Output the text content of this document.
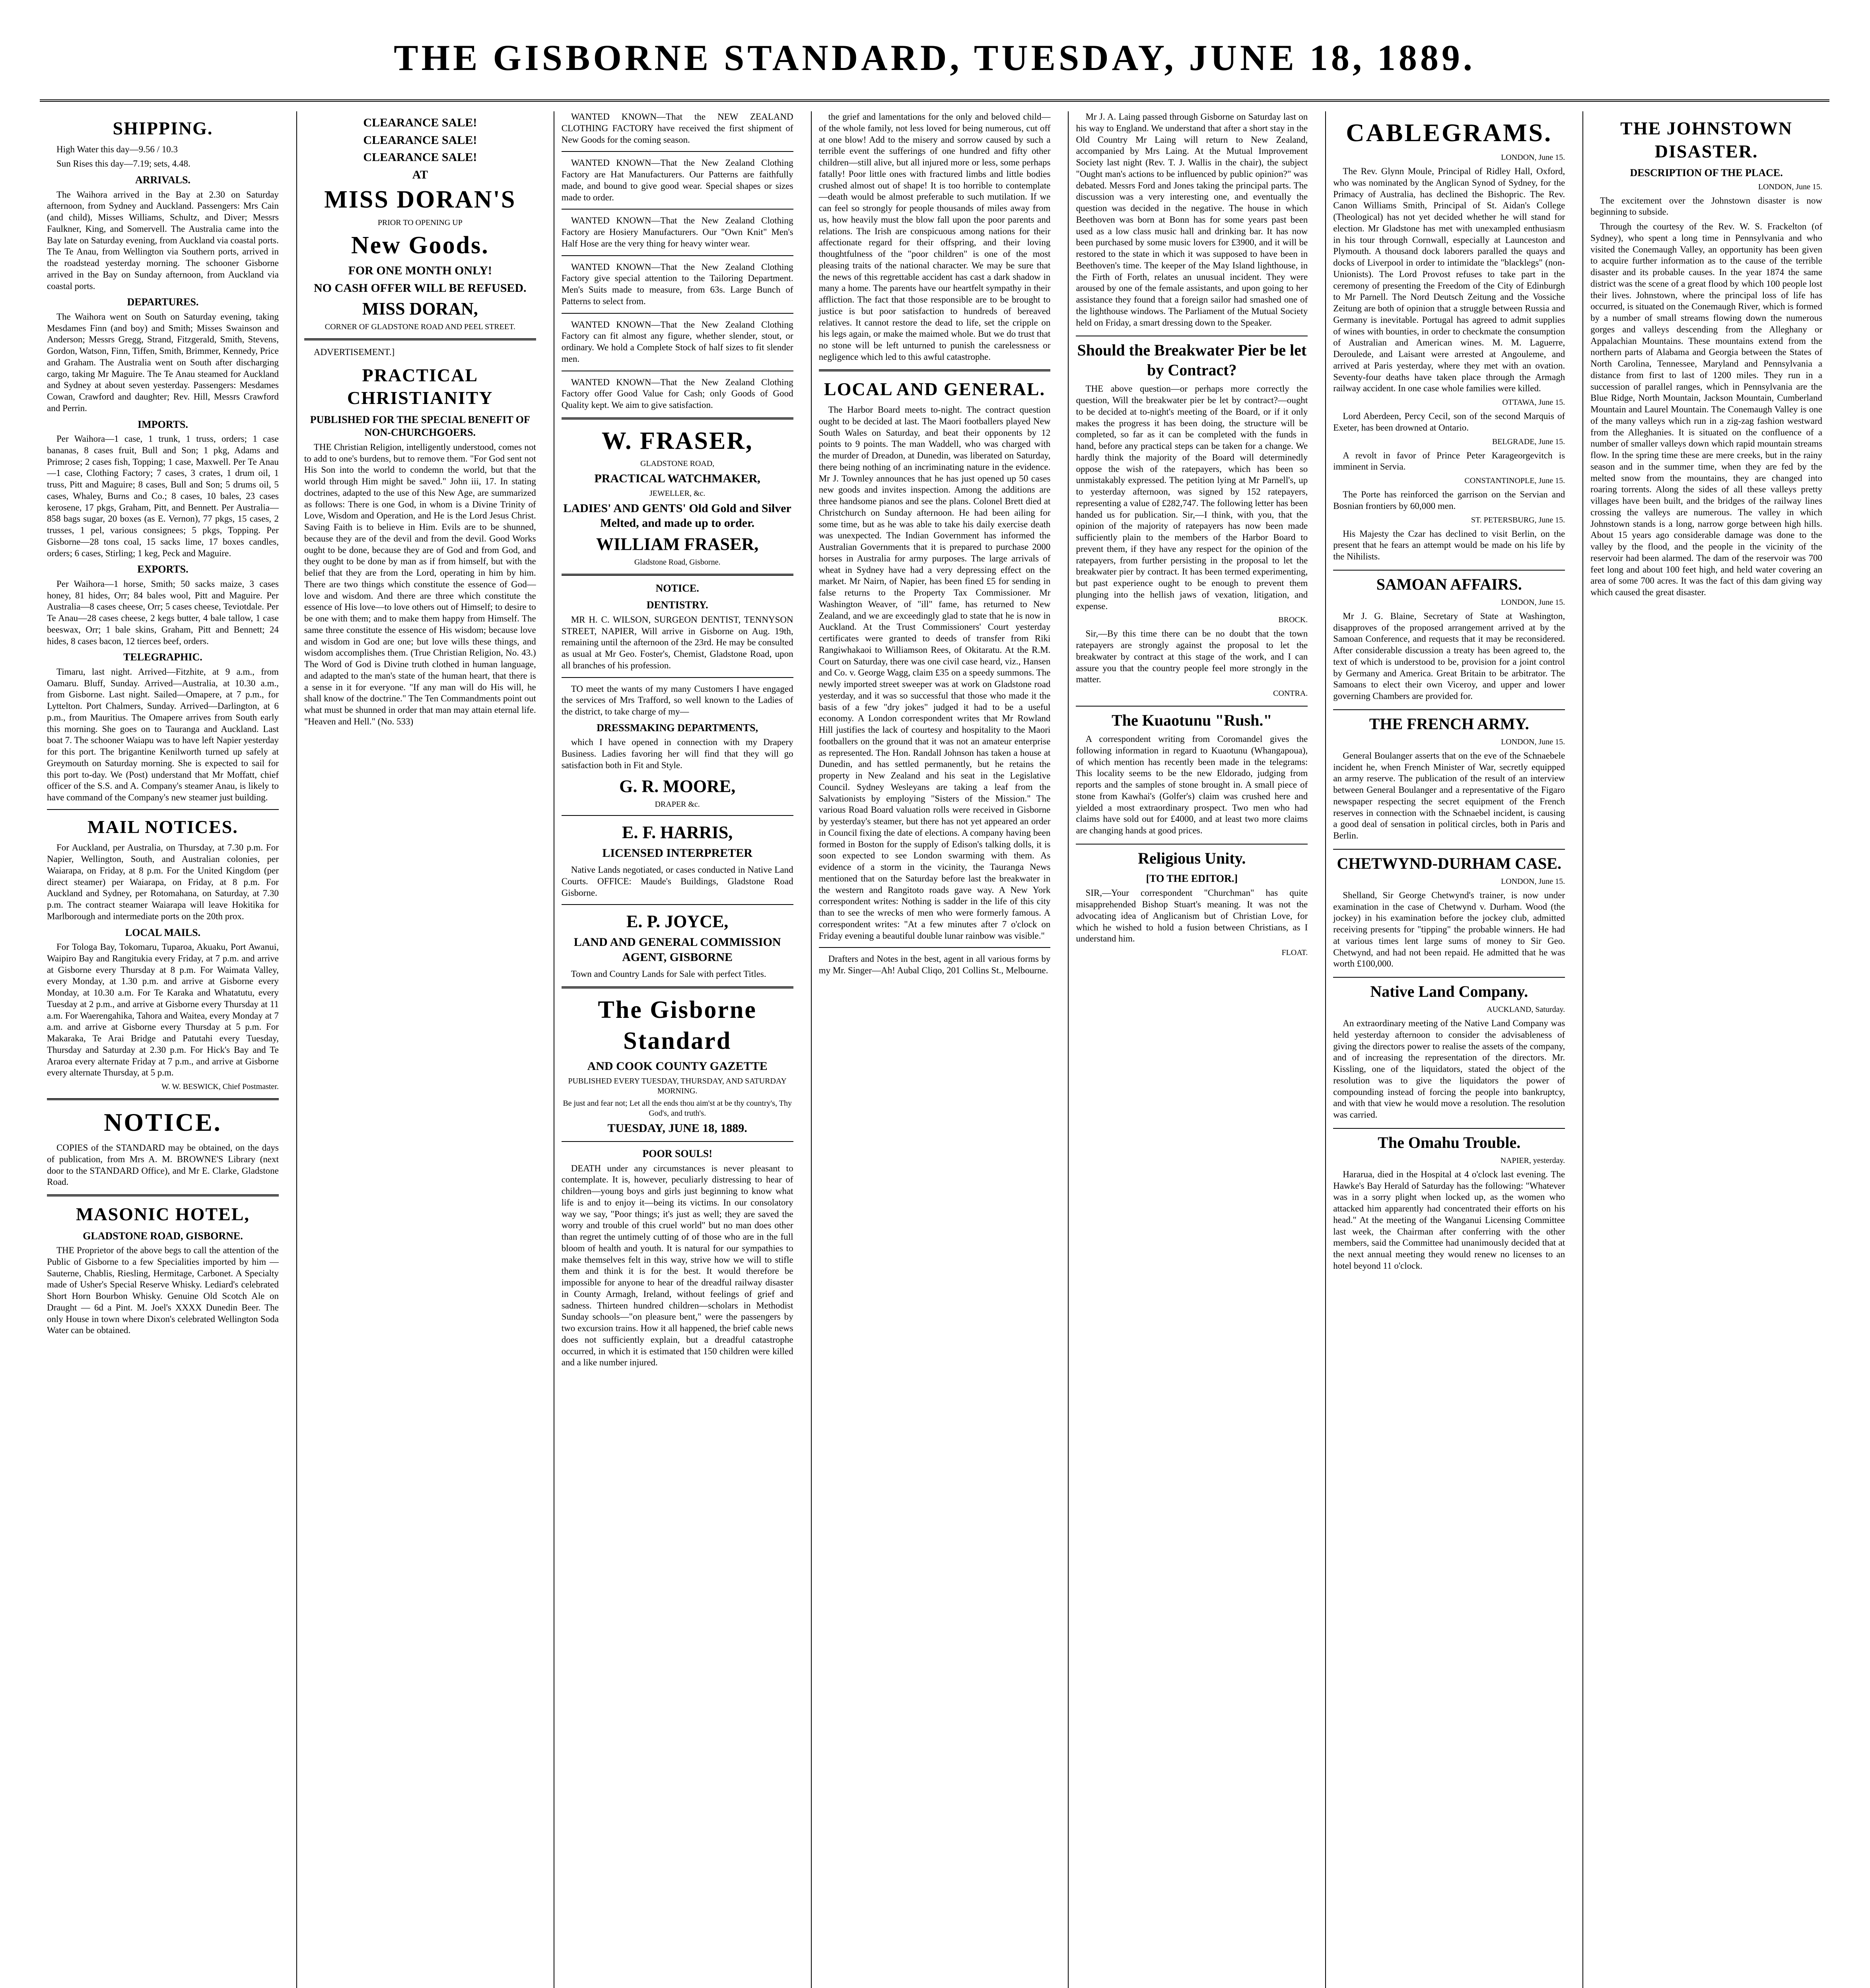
THE GISBORNE STANDARD, TUESDAY, JUNE 18, 1889.
SHIPPING.

High Water this day—9.56 / 10.3

Sun Rises this day—7.19; sets, 4.48.

ARRIVALS.

The Waihora arrived in the Bay at 2.30 on Saturday afternoon, from Sydney and Auckland. Passengers: Mrs Cain (and child), Misses Williams, Schultz, and Diver; Messrs Faulkner, King, and Somervell. The Australia came into the Bay late on Saturday evening, from Auckland via coastal ports. The Te Anau, from Wellington via Southern ports, arrived in the roadstead yesterday morning. The schooner Gisborne arrived in the Bay on Sunday afternoon, from Auckland via coastal ports.

DEPARTURES.

The Waihora went on South on Saturday evening, taking Mesdames Finn (and boy) and Smith; Misses Swainson and Anderson; Messrs Gregg, Strand, Fitzgerald, Smith, Stevens, Gordon, Watson, Finn, Tiffen, Smith, Brimmer, Kennedy, Price and Graham. The Australia went on South after discharging cargo, taking Mr Maguire. The Te Anau steamed for Auckland and Sydney at about seven yesterday. Passengers: Mesdames Cowan, Crawford and daughter; Rev. Hill, Messrs Crawford and Perrin.

IMPORTS.

Per Waihora—1 case, 1 trunk, 1 truss, orders; 1 case bananas, 8 cases fruit, Bull and Son; 1 pkg, Adams and Primrose; 2 cases fish, Topping; 1 case, Maxwell. Per Te Anau—1 case, Clothing Factory; 7 cases, 3 crates, 1 drum oil, 1 truss, Pitt and Maguire; 8 cases, Bull and Son; 5 drums oil, 5 cases, Whaley, Burns and Co.; 8 cases, 10 bales, 23 cases kerosene, 17 pkgs, Graham, Pitt, and Bennett. Per Australia—858 bags sugar, 20 boxes (as E. Vernon), 77 pkgs, 15 cases, 2 trusses, 1 pel, various consignees; 5 pkgs, Topping. Per Gisborne—28 tons coal, 15 sacks lime, 17 boxes candles, orders; 6 cases, Stirling; 1 keg, Peck and Maguire.

EXPORTS.

Per Waihora—1 horse, Smith; 50 sacks maize, 3 cases honey, 81 hides, Orr; 84 bales wool, Pitt and Maguire. Per Australia—8 cases cheese, Orr; 5 cases cheese, Teviotdale. Per Te Anau—28 cases cheese, 2 kegs butter, 4 bale tallow, 1 case beeswax, Orr; 1 bale skins, Graham, Pitt and Bennett; 24 hides, 8 cases bacon, 12 tierces beef, orders.

TELEGRAPHIC.

Timaru, last night. Arrived—Fitzhite, at 9 a.m., from Oamaru. Bluff, Sunday. Arrived—Australia, at 10.30 a.m., from Gisborne. Last night. Sailed—Omapere, at 7 p.m., for Lyttelton. Port Chalmers, Sunday. Arrived—Darlington, at 6 p.m., from Mauritius. The Omapere arrives from South early this morning. She goes on to Tauranga and Auckland. Last boat 7. The schooner Waiapu was to have left Napier yesterday for this port. The brigantine Kenilworth turned up safely at Greymouth on Saturday morning. She is expected to sail for this port to-day. We (Post) understand that Mr Moffatt, chief officer of the S.S. and A. Company's steamer Anau, is likely to have command of the Company's new steamer just building.

MAIL NOTICES.

For Auckland, per Australia, on Thursday, at 7.30 p.m. For Napier, Wellington, South, and Australian colonies, per Waiarapa, on Friday, at 8 p.m. For the United Kingdom (per direct steamer) per Waiarapa, on Friday, at 8 p.m. For Auckland and Sydney, per Rotomahana, on Saturday, at 7.30 p.m. The contract steamer Waiarapa will leave Hokitika for Marlborough and intermediate ports on the 20th prox.

LOCAL MAILS.

For Tologa Bay, Tokomaru, Tuparoa, Akuaku, Port Awanui, Waipiro Bay and Rangitukia every Friday, at 7 p.m. and arrive at Gisborne every Thursday at 8 p.m. For Waimata Valley, every Monday, at 1.30 p.m. and arrive at Gisborne every Monday, at 10.30 a.m. For Te Karaka and Whatatutu, every Tuesday at 2 p.m., and arrive at Gisborne every Thursday at 11 a.m. For Waerengahika, Tahora and Waitea, every Monday at 7 a.m. and arrive at Gisborne every Thursday at 5 p.m. For Makaraka, Te Arai Bridge and Patutahi every Tuesday, Thursday and Saturday at 2.30 p.m. For Hick's Bay and Te Araroa every alternate Friday at 7 p.m., and arrive at Gisborne every alternate Thursday, at 5 p.m.

W. W. BESWICK, Chief Postmaster.

NOTICE.

COPIES of the STANDARD may be obtained, on the days of publication, from Mrs A. M. BROWNE'S Library (next door to the STANDARD Office), and Mr E. Clarke, Gladstone Road.

MASONIC HOTEL,
GLADSTONE ROAD, GISBORNE.

THE Proprietor of the above begs to call the attention of the Public of Gisborne to a few Specialities imported by him — Sauterne, Chablis, Riesling, Hermitage, Carbonet. A Specialty made of Usher's Special Reserve Whisky. Lediard's celebrated Short Horn Bourbon Whisky. Genuine Old Scotch Ale on Draught — 6d a Pint. M. Joel's XXXX Dunedin Beer. The only House in town where Dixon's celebrated Wellington Soda Water can be obtained.

CLEARANCE SALE!
CLEARANCE SALE!
CLEARANCE SALE!
AT
MISS DORAN'S
PRIOR TO OPENING UP
New Goods.
FOR ONE MONTH ONLY!
NO CASH OFFER WILL BE REFUSED.
MISS DORAN,
CORNER OF GLADSTONE ROAD AND PEEL STREET.

ADVERTISEMENT.]

PRACTICAL CHRISTIANITY
PUBLISHED FOR THE SPECIAL BENEFIT OF NON-CHURCHGOERS.

THE Christian Religion, intelligently understood, comes not to add to one's burdens, but to remove them. "For God sent not His Son into the world to condemn the world, but that the world through Him might be saved." John iii, 17. In stating doctrines, adapted to the use of this New Age, are summarized as follows: There is one God, in whom is a Divine Trinity of Love, Wisdom and Operation, and He is the Lord Jesus Christ. Saving Faith is to believe in Him. Evils are to be shunned, because they are of the devil and from the devil. Good Works ought to be done, because they are of God and from God, and they ought to be done by man as if from himself, but with the belief that they are from the Lord, operating in him by him. There are two things which constitute the essence of God—love and wisdom. And there are three which constitute the essence of His love—to love others out of Himself; to desire to be one with them; and to make them happy from Himself. The same three constitute the essence of His wisdom; because love and wisdom in God are one; but love wills these things, and wisdom accomplishes them. (True Christian Religion, No. 43.) The Word of God is Divine truth clothed in human language, and adapted to the man's state of the human heart, that there is a sense in it for everyone. "If any man will do His will, he shall know of the doctrine." The Ten Commandments point out what must be shunned in order that man may attain eternal life. "Heaven and Hell." (No. 533)

WANTED KNOWN—That the NEW ZEALAND CLOTHING FACTORY have received the first shipment of New Goods for the coming season.

WANTED KNOWN—That the New Zealand Clothing Factory are Hat Manufacturers. Our Patterns are faithfully made, and bound to give good wear. Special shapes or sizes made to order.

WANTED KNOWN—That the New Zealand Clothing Factory are Hosiery Manufacturers. Our "Own Knit" Men's Half Hose are the very thing for heavy winter wear.

WANTED KNOWN—That the New Zealand Clothing Factory give special attention to the Tailoring Department. Men's Suits made to measure, from 63s. Large Bunch of Patterns to select from.

WANTED KNOWN—That the New Zealand Clothing Factory can fit almost any figure, whether slender, stout, or ordinary. We hold a Complete Stock of half sizes to fit slender men.

WANTED KNOWN—That the New Zealand Clothing Factory offer Good Value for Cash; only Goods of Good Quality kept. We aim to give satisfaction.

W. FRASER,
GLADSTONE ROAD,
PRACTICAL WATCHMAKER,
JEWELLER, &c.
LADIES' AND GENTS' Old Gold and Silver Melted, and made up to order.
WILLIAM FRASER,
Gladstone Road, Gisborne.
NOTICE.
DENTISTRY.

MR H. C. WILSON, SURGEON DENTIST, TENNYSON STREET, NAPIER, Will arrive in Gisborne on Aug. 19th, remaining until the afternoon of the 23rd. He may be consulted as usual at Mr Geo. Foster's, Chemist, Gladstone Road, upon all branches of his profession.

TO meet the wants of my many Customers I have engaged the services of Mrs Trafford, so well known to the Ladies of the district, to take charge of my—

DRESSMAKING DEPARTMENTS,

which I have opened in connection with my Drapery Business. Ladies favoring her will find that they will go satisfaction both in Fit and Style.

G. R. MOORE,
DRAPER &c.
E. F. HARRIS,
LICENSED INTERPRETER

Native Lands negotiated, or cases conducted in Native Land Courts. OFFICE: Maude's Buildings, Gladstone Road Gisborne.

E. P. JOYCE,
LAND AND GENERAL COMMISSION AGENT, GISBORNE

Town and Country Lands for Sale with perfect Titles.

The Gisborne Standard
AND COOK COUNTY GAZETTE
PUBLISHED EVERY TUESDAY, THURSDAY, AND SATURDAY MORNING.
Be just and fear not; Let all the ends thou aim'st at be thy country's, Thy God's, and truth's.
TUESDAY, JUNE 18, 1889.
POOR SOULS!

DEATH under any circumstances is never pleasant to contemplate. It is, however, peculiarly distressing to hear of children—young boys and girls just beginning to know what life is and to enjoy it—being its victims. In our consolatory way we say, "Poor things; it's just as well; they are saved the worry and trouble of this cruel world" but no man does other than regret the untimely cutting of of those who are in the full bloom of health and youth. It is natural for our sympathies to make themselves felt in this way, strive how we will to stifle them and think it is for the best. It would therefore be impossible for anyone to hear of the dreadful railway disaster in County Armagh, Ireland, without feelings of grief and sadness. Thirteen hundred children—scholars in Methodist Sunday schools—"on pleasure bent," were the passengers by two excursion trains. How it all happened, the brief cable news does not sufficiently explain, but a dreadful catastrophe occurred, in which it is estimated that 150 children were killed and a like number injured.

the grief and lamentations for the only and beloved child—of the whole family, not less loved for being numerous, cut off at one blow! Add to the misery and sorrow caused by such a terrible event the sufferings of one hundred and fifty other children—still alive, but all injured more or less, some perhaps fatally! Poor little ones with fractured limbs and little bodies crushed almost out of shape! It is too horrible to contemplate—death would be almost preferable to such mutilation. If we can feel so strongly for people thousands of miles away from us, how heavily must the blow fall upon the poor parents and relations. The Irish are conspicuous among nations for their affectionate regard for their offspring, and their loving thoughtfulness of the "poor children" is one of the most pleasing traits of the national character. We may be sure that the news of this regrettable accident has cast a dark shadow in many a home. The parents have our heartfelt sympathy in their affliction. The fact that those responsible are to be brought to justice is but poor satisfaction to hundreds of bereaved relatives. It cannot restore the dead to life, set the cripple on his legs again, or make the maimed whole. But we do trust that no stone will be left unturned to punish the carelessness or negligence which led to this awful catastrophe.

LOCAL AND GENERAL.

The Harbor Board meets to-night. The contract question ought to be decided at last. The Maori footballers played New South Wales on Saturday, and beat their opponents by 12 points to 9 points. The man Waddell, who was charged with the murder of Dreadon, at Dunedin, was liberated on Saturday, there being nothing of an incriminating nature in the evidence. Mr J. Townley announces that he has just opened up 50 cases new goods and invites inspection. Among the additions are three handsome pianos and see the plans. Colonel Brett died at Christchurch on Sunday afternoon. He had been ailing for some time, but as he was able to take his daily exercise death was unexpected. The Indian Government has informed the Australian Governments that it is prepared to purchase 2000 horses in Australia for army purposes. The large arrivals of wheat in Sydney have had a very depressing effect on the market. Mr Nairn, of Napier, has been fined £5 for sending in false returns to the Property Tax Commissioner. Mr Washington Weaver, of "ill" fame, has returned to New Zealand, and we are exceedingly glad to state that he is now in Auckland. At the Trust Commissioners' Court yesterday certificates were granted to deeds of transfer from Riki Rangiwhakaoi to Williamson Rees, of Okitaratu. At the R.M. Court on Saturday, there was one civil case heard, viz., Hansen and Co. v. George Wagg, claim £35 on a speedy summons. The newly imported street sweeper was at work on Gladstone road yesterday, and it was so successful that those who made it the basis of a few "dry jokes" judged it had to be a useful economy. A London correspondent writes that Mr Rowland Hill justifies the lack of courtesy and hospitality to the Maori footballers on the ground that it was not an amateur enterprise as represented. The Hon. Randall Johnson has taken a house at Dunedin, and has settled permanently, but he retains the property in New Zealand and his seat in the Legislative Council. Sydney Wesleyans are taking a leaf from the Salvationists by employing "Sisters of the Mission." The various Road Board valuation rolls were received in Gisborne by yesterday's steamer, but there has not yet appeared an order in Council fixing the date of elections. A company having been formed in Boston for the supply of Edison's talking dolls, it is soon expected to see London swarming with them. As evidence of a storm in the vicinity, the Tauranga News mentioned that on the Saturday before last the breakwater in the western and Rangitoto roads gave way. A New York correspondent writes: Nothing is sadder in the life of this city than to see the wrecks of men who were formerly famous. A correspondent writes: "At a few minutes after 7 o'clock on Friday evening a beautiful double lunar rainbow was visible."

Drafters and Notes in the best, agent in all various forms by my Mr. Singer—Ah! Aubal Cliqo, 201 Collins St., Melbourne.

Mr J. A. Laing passed through Gisborne on Saturday last on his way to England. We understand that after a short stay in the Old Country Mr Laing will return to New Zealand, accompanied by Mrs Laing. At the Mutual Improvement Society last night (Rev. T. J. Wallis in the chair), the subject "Ought man's actions to be influenced by public opinion?" was debated. Messrs Ford and Jones taking the principal parts. The discussion was a very interesting one, and eventually the question was decided in the negative. The house in which Beethoven was born at Bonn has for some years past been used as a low class music hall and drinking bar. It has now been purchased by some music lovers for £3900, and it will be restored to the state in which it was supposed to have been in Beethoven's time. The keeper of the May Island lighthouse, in the Firth of Forth, relates an unusual incident. They were aroused by one of the female assistants, and upon going to her assistance they found that a foreign sailor had smashed one of the lighthouse windows. The Parliament of the Mutual Society held on Friday, a smart dressing down to the Speaker.

Should the Breakwater Pier be let by Contract?

THE above question—or perhaps more correctly the question, Will the breakwater pier be let by contract?—ought to be decided at to-night's meeting of the Board, or if it only makes the progress it has been doing, the structure will be completed, so far as it can be completed with the funds in hand, before any practical steps can be taken for a change. We hardly think the majority of the Board will determinedly oppose the wish of the ratepayers, which has been so unmistakably expressed. The petition lying at Mr Parnell's, up to yesterday afternoon, was signed by 152 ratepayers, representing a value of £282,747. The following letter has been handed us for publication. Sir,—I think, with you, that the opinion of the majority of ratepayers has now been made sufficiently plain to the members of the Harbor Board to prevent them, if they have any respect for the opinion of the ratepayers, from further persisting in the proposal to let the breakwater pier by contract. It has been termed experimenting, but past experience ought to be enough to prevent them plunging into the hellish jaws of vexation, litigation, and expense.

BROCK.

Sir,—By this time there can be no doubt that the town ratepayers are strongly against the proposal to let the breakwater by contract at this stage of the work, and I can assure you that the country people feel more strongly in the matter.

CONTRA.

The Kuaotunu "Rush."

A correspondent writing from Coromandel gives the following information in regard to Kuaotunu (Whangapoua), of which mention has recently been made in the telegrams: This locality seems to be the new Eldorado, judging from reports and the samples of stone brought in. A small piece of stone from Kawhai's (Golfer's) claim was crushed here and yielded a most extraordinary prospect. Two men who had claims have sold out for £4000, and at least two more claims are changing hands at good prices.

Religious Unity.
[TO THE EDITOR.]

SIR,—Your correspondent "Churchman" has quite misapprehended Bishop Stuart's meaning. It was not the advocating idea of Anglicanism but of Christian Love, for which he wished to hold a fusion between Christians, as I understand him.

FLOAT.

CABLEGRAMS.

LONDON, June 15.

The Rev. Glynn Moule, Principal of Ridley Hall, Oxford, who was nominated by the Anglican Synod of Sydney, for the Primacy of Australia, has declined the Bishopric. The Rev. Canon Williams Smith, Principal of St. Aidan's College (Theological) has not yet decided whether he will stand for election. Mr Gladstone has met with unexampled enthusiasm in his tour through Cornwall, especially at Launceston and Plymouth. A thousand dock laborers paralled the quays and docks of Liverpool in order to intimidate the "blacklegs" (non-Unionists). The Lord Provost refuses to take part in the ceremony of presenting the Freedom of the City of Edinburgh to Mr Parnell. The Nord Deutsch Zeitung and the Vossiche Zeitung are both of opinion that a struggle between Russia and Germany is inevitable. Portugal has agreed to admit supplies of wines with bounties, in order to checkmate the consumption of Australian and American wines. M. M. Laguerre, Deroulede, and Laisant were arrested at Angouleme, and arrived at Paris yesterday, where they met with an ovation. Seventy-four deaths have taken place through the Armagh railway accident. In one case whole families were killed.

OTTAWA, June 15.

Lord Aberdeen, Percy Cecil, son of the second Marquis of Exeter, has been drowned at Ontario.

BELGRADE, June 15.

A revolt in favor of Prince Peter Karageorgevitch is imminent in Servia.

CONSTANTINOPLE, June 15.

The Porte has reinforced the garrison on the Servian and Bosnian frontiers by 60,000 men.

ST. PETERSBURG, June 15.

His Majesty the Czar has declined to visit Berlin, on the present that he fears an attempt would be made on his life by the Nihilists.

SAMOAN AFFAIRS.

LONDON, June 15.

Mr J. G. Blaine, Secretary of State at Washington, disapproves of the proposed arrangement arrived at by the Samoan Conference, and requests that it may be reconsidered. After considerable discussion a treaty has been agreed to, the text of which is understood to be, provision for a joint control by Germany and America. Great Britain to be arbitrator. The Samoans to elect their own Viceroy, and upper and lower governing Chambers are provided for.

THE FRENCH ARMY.

LONDON, June 15.

General Boulanger asserts that on the eve of the Schnaebele incident he, when French Minister of War, secretly equipped an army reserve. The publication of the result of an interview between General Boulanger and a representative of the Figaro newspaper respecting the secret equipment of the French reserves in connection with the Schnaebel incident, is causing a good deal of sensation in political circles, both in Paris and Berlin.

CHETWYND-DURHAM CASE.

LONDON, June 15.

Shelland, Sir George Chetwynd's trainer, is now under examination in the case of Chetwynd v. Durham. Wood (the jockey) in his examination before the jockey club, admitted receiving presents for "tipping" the probable winners. He had at various times lent large sums of money to Sir Geo. Chetwynd, and had not been repaid. He admitted that he was worth £100,000.

Native Land Company.

AUCKLAND, Saturday.

An extraordinary meeting of the Native Land Company was held yesterday afternoon to consider the advisableness of giving the directors power to realise the assets of the company, and of increasing the representation of the directors. Mr. Kissling, one of the liquidators, stated the object of the resolution was to give the liquidators the power of compounding instead of forcing the people into bankruptcy, and with that view he would move a resolution. The resolution was carried.

The Omahu Trouble.

NAPIER, yesterday.

Hararua, died in the Hospital at 4 o'clock last evening. The Hawke's Bay Herald of Saturday has the following: "Whatever was in a sorry plight when locked up, as the women who attacked him apparently had concentrated their efforts on his head." At the meeting of the Wanganui Licensing Committee last week, the Chairman after conferring with the other members, said the Committee had unanimously decided that at the next annual meeting they would renew no licenses to an hotel beyond 11 o'clock.

THE JOHNSTOWN DISASTER.
DESCRIPTION OF THE PLACE.

LONDON, June 15.

The excitement over the Johnstown disaster is now beginning to subside.

Through the courtesy of the Rev. W. S. Frackelton (of Sydney), who spent a long time in Pennsylvania and who visited the Conemaugh Valley, an opportunity has been given to acquire further information as to the cause of the terrible disaster and its probable causes. In the year 1874 the same district was the scene of a great flood by which 100 people lost their lives. Johnstown, where the principal loss of life has occurred, is situated on the Conemaugh River, which is formed by a number of small streams flowing down the numerous gorges and valleys descending from the Alleghany or Appalachian Mountains. These mountains extend from the northern parts of Alabama and Georgia between the States of North Carolina, Tennessee, Maryland and Pennsylvania a distance from first to last of 1200 miles. They run in a succession of parallel ranges, which in Pennsylvania are the Blue Ridge, North Mountain, Jackson Mountain, Cumberland Mountain and Laurel Mountain. The Conemaugh Valley is one of the many valleys which run in a zig-zag fashion westward from the Alleghanies. It is situated on the confluence of a number of smaller valleys down which rapid mountain streams flow. In the spring time these are mere creeks, but in the rainy season and in the summer time, when they are fed by the melted snow from the mountains, they are changed into roaring torrents. Along the sides of all these valleys pretty villages have been built, and the bridges of the railway lines crossing the valleys are numerous. The valley in which Johnstown stands is a long, narrow gorge between high hills. About 15 years ago considerable damage was done to the valley by the flood, and the people in the vicinity of the reservoir had been alarmed. The dam of the reservoir was 700 feet long and about 100 feet high, and held water covering an area of some 700 acres. It was the fact of this dam giving way which caused the great disaster.
